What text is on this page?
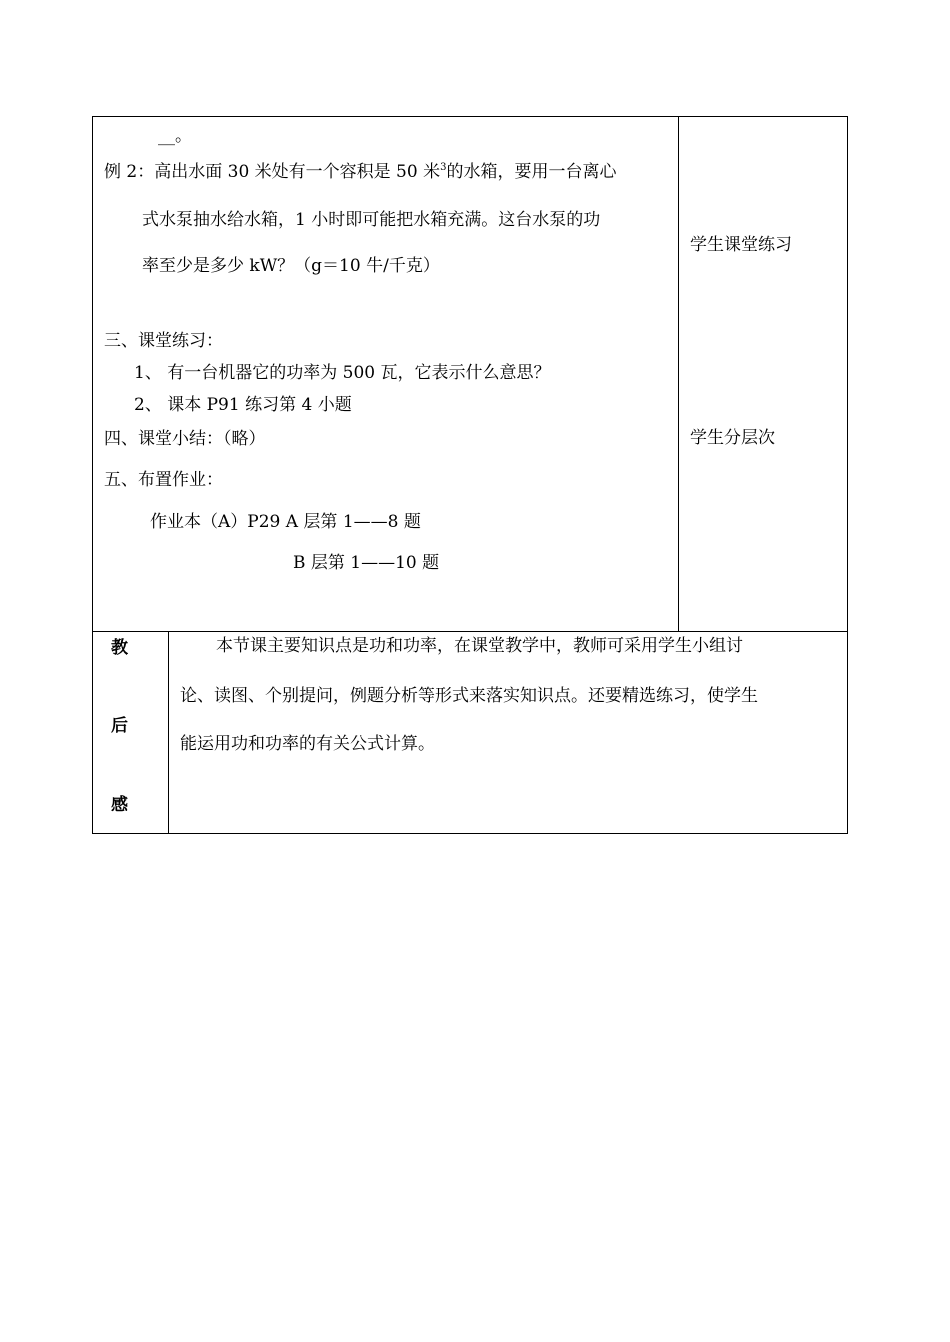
__。
例 2：高出水面 30 米处有一个容积是 50 米$^3$的水箱，要用一台离心
式水泵抽水给水箱，1 小时即可能把水箱充满。这台水泵的功
率至少是多少 kW？（g＝10 牛/千克）
三、课堂练习：
1、 有一台机器它的功率为 500 瓦，它表示什么意思？
2、 课本 P91 练习第 4 小题
四、课堂小结：（略）
五、布置作业：
作业本（A）P29 A 层第 1——8 题
B 层第 1——10 题
学生课堂练习
学生分层次
教
后
感
本节课主要知识点是功和功率，在课堂教学中，教师可采用学生小组讨
论、读图、个别提问，例题分析等形式来落实知识点。还要精选练习，使学生
能运用功和功率的有关公式计算。
